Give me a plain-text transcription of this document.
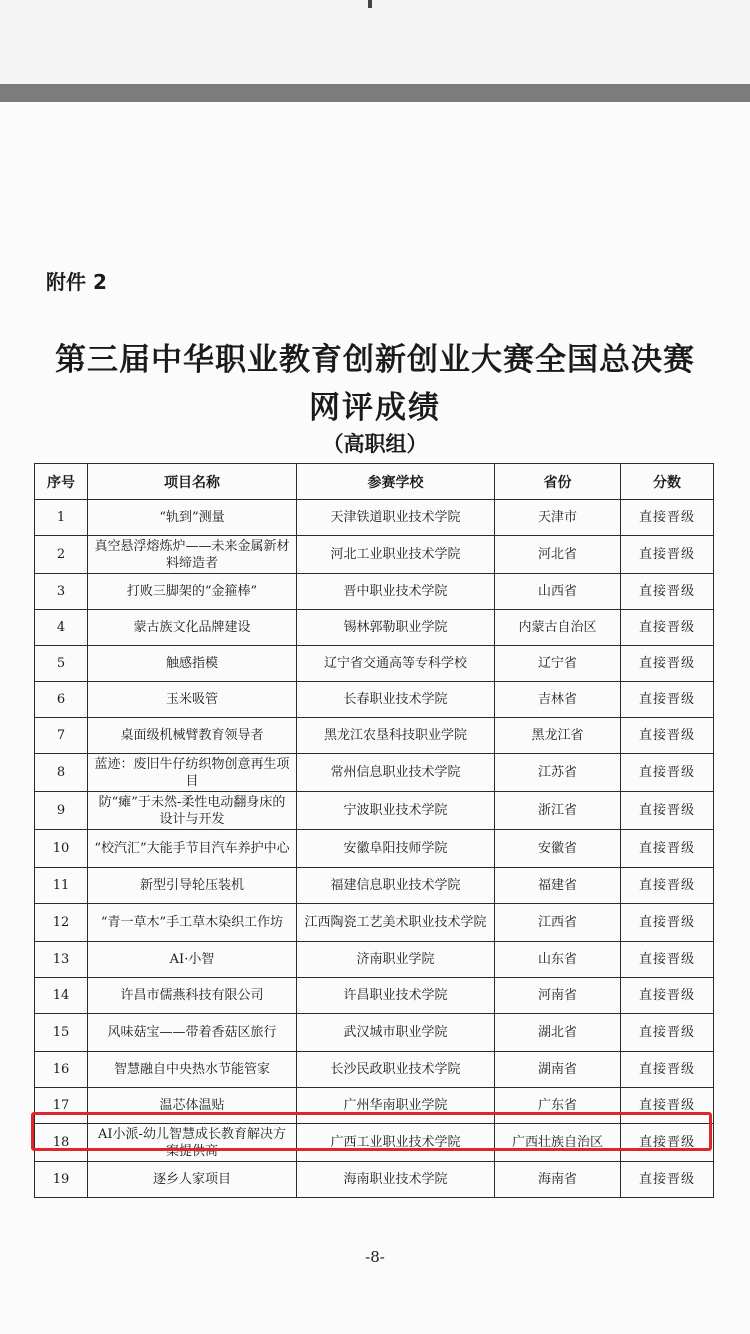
附件 2
第三届中华职业教育创新创业大赛全国总决赛
网评成绩
（高职组）
序号	项目名称	参赛学校	省份	分数
1	“轨到”测量	天津铁道职业技术学院	天津市	直接晋级
2	真空悬浮熔炼炉——未来金属新材料缔造者	河北工业职业技术学院	河北省	直接晋级
3	打败三脚架的“金箍棒”	晋中职业技术学院	山西省	直接晋级
4	蒙古族文化品牌建设	锡林郭勒职业学院	内蒙古自治区	直接晋级
5	触感指模	辽宁省交通高等专科学校	辽宁省	直接晋级
6	玉米吸管	长春职业技术学院	吉林省	直接晋级
7	桌面级机械臂教育领导者	黑龙江农垦科技职业学院	黑龙江省	直接晋级
8	蓝迹：废旧牛仔纺织物创意再生项目	常州信息职业技术学院	江苏省	直接晋级
9	防“瘫”于未然-柔性电动翻身床的设计与开发	宁波职业技术学院	浙江省	直接晋级
10	“校汽汇”大能手节目汽车养护中心	安徽阜阳技师学院	安徽省	直接晋级
11	新型引导轮压装机	福建信息职业技术学院	福建省	直接晋级
12	“青一草木”手工草木染织工作坊	江西陶瓷工艺美术职业技术学院	江西省	直接晋级
13	AI·小智	济南职业学院	山东省	直接晋级
14	许昌市儒燕科技有限公司	许昌职业技术学院	河南省	直接晋级
15	风味菇宝——带着香菇区旅行	武汉城市职业学院	湖北省	直接晋级
16	智慧融自中央热水节能管家	长沙民政职业技术学院	湖南省	直接晋级
17	温芯体温贴	广州华南职业学院	广东省	直接晋级
18	AI小派-幼儿智慧成长教育解决方案提供商	广西工业职业技术学院	广西壮族自治区	直接晋级
19	逐乡人家项目	海南职业技术学院	海南省	直接晋级
-8-
